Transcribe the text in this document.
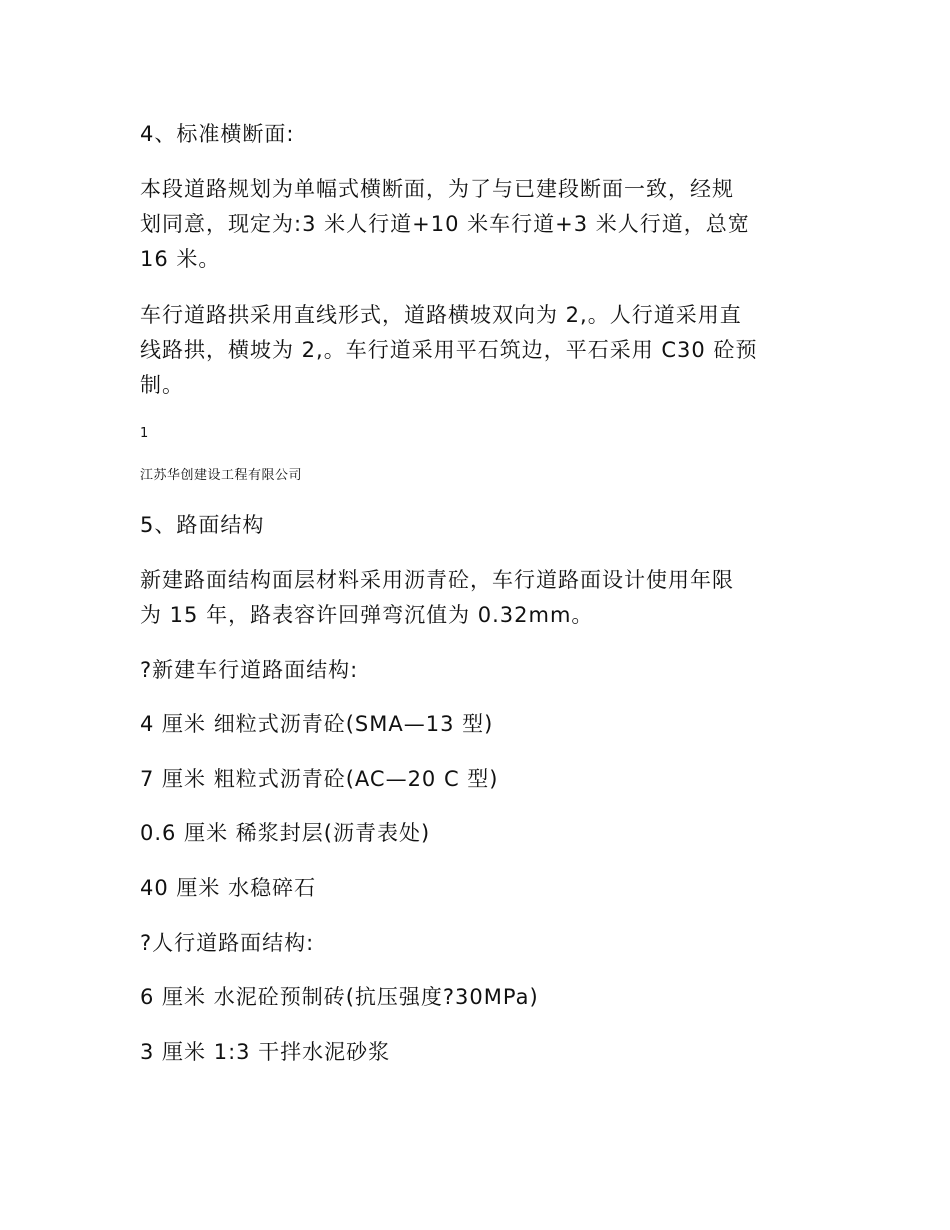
4、标准横断面:
本段道路规划为单幅式横断面，为了与已建段断面一致，经规
划同意，现定为:3 米人行道+10 米车行道+3 米人行道，总宽
16 米。
车行道路拱采用直线形式，道路横坡双向为 2,。人行道采用直
线路拱，横坡为 2,。车行道采用平石筑边，平石采用 C30 砼预
制。
1
江苏华创建设工程有限公司
5、路面结构
新建路面结构面层材料采用沥青砼，车行道路面设计使用年限
为 15 年，路表容许回弹弯沉值为 0.32mm。
?新建车行道路面结构:
4 厘米 细粒式沥青砼(SMA—13 型)
7 厘米 粗粒式沥青砼(AC—20 C 型)
0.6 厘米 稀浆封层(沥青表处)
40 厘米 水稳碎石
?人行道路面结构:
6 厘米 水泥砼预制砖(抗压强度?30MPa)
3 厘米 1:3 干拌水泥砂浆
